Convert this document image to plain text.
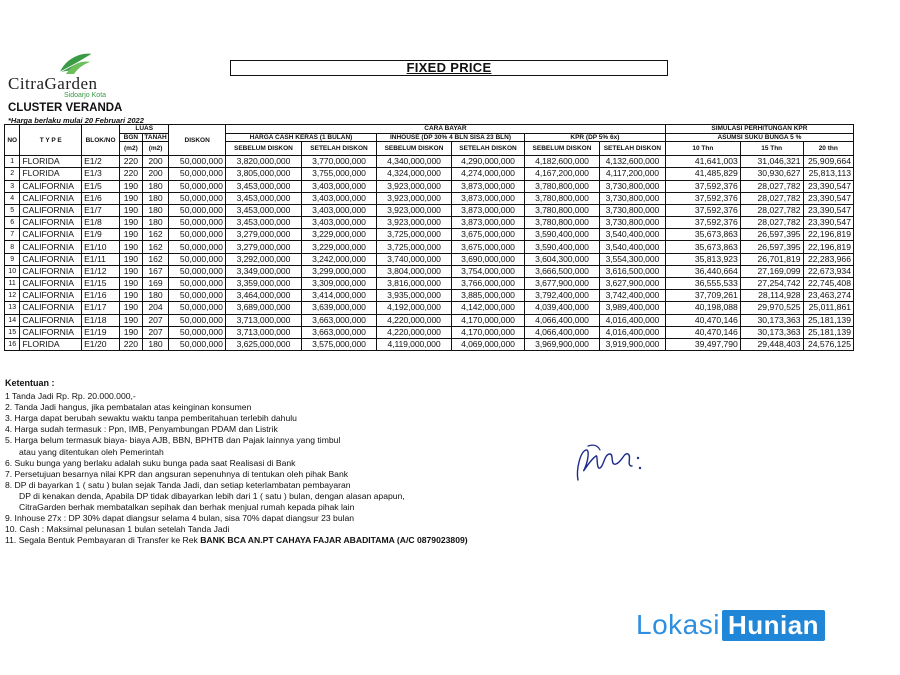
CitraGarden
Sidoarjo Kota
CLUSTER VERANDA
*Harga berlaku mulai 20 Februari 2022
FIXED PRICE
NO	T Y P E	BLOK/NO	LUAS		DISKON	CARA BAYAR						SIMULASI PERHITUNGAN KPR		
			BGN	TANAH		HARGA CASH KERAS (1 BULAN)		INHOUSE (DP 30% 4 BLN SISA 23 BLN)		KPR (DP 5% 6x)		ASUMSI SUKU BUNGA 5 %		
			(m2)	(m2)		SEBELUM DISKON	SETELAH DISKON	SEBELUM DISKON	SETELAH DISKON	SEBELUM DISKON	SETELAH DISKON	10 Thn	15 Thn	20 thn
1	FLORIDA	E1/2	220	200	50,000,000	3,820,000,000	3,770,000,000	4,340,000,000	4,290,000,000	4,182,600,000	4,132,600,000	41,641,003	31,046,321	25,909,664
2	FLORIDA	E1/3	220	200	50,000,000	3,805,000,000	3,755,000,000	4,324,000,000	4,274,000,000	4,167,200,000	4,117,200,000	41,485,829	30,930,627	25,813,113
3	CALIFORNIA	E1/5	190	180	50,000,000	3,453,000,000	3,403,000,000	3,923,000,000	3,873,000,000	3,780,800,000	3,730,800,000	37,592,376	28,027,782	23,390,547
4	CALIFORNIA	E1/6	190	180	50,000,000	3,453,000,000	3,403,000,000	3,923,000,000	3,873,000,000	3,780,800,000	3,730,800,000	37,592,376	28,027,782	23,390,547
5	CALIFORNIA	E1/7	190	180	50,000,000	3,453,000,000	3,403,000,000	3,923,000,000	3,873,000,000	3,780,800,000	3,730,800,000	37,592,376	28,027,782	23,390,547
6	CALIFORNIA	E1/8	190	180	50,000,000	3,453,000,000	3,403,000,000	3,923,000,000	3,873,000,000	3,780,800,000	3,730,800,000	37,592,376	28,027,782	23,390,547
7	CALIFORNIA	E1/9	190	162	50,000,000	3,279,000,000	3,229,000,000	3,725,000,000	3,675,000,000	3,590,400,000	3,540,400,000	35,673,863	26,597,395	22,196,819
8	CALIFORNIA	E1/10	190	162	50,000,000	3,279,000,000	3,229,000,000	3,725,000,000	3,675,000,000	3,590,400,000	3,540,400,000	35,673,863	26,597,395	22,196,819
9	CALIFORNIA	E1/11	190	162	50,000,000	3,292,000,000	3,242,000,000	3,740,000,000	3,690,000,000	3,604,300,000	3,554,300,000	35,813,923	26,701,819	22,283,966
10	CALIFORNIA	E1/12	190	167	50,000,000	3,349,000,000	3,299,000,000	3,804,000,000	3,754,000,000	3,666,500,000	3,616,500,000	36,440,664	27,169,099	22,673,934
11	CALIFORNIA	E1/15	190	169	50,000,000	3,359,000,000	3,309,000,000	3,816,000,000	3,766,000,000	3,677,900,000	3,627,900,000	36,555,533	27,254,742	22,745,408
12	CALIFORNIA	E1/16	190	180	50,000,000	3,464,000,000	3,414,000,000	3,935,000,000	3,885,000,000	3,792,400,000	3,742,400,000	37,709,261	28,114,928	23,463,274
13	CALIFORNIA	E1/17	190	204	50,000,000	3,689,000,000	3,639,000,000	4,192,000,000	4,142,000,000	4,039,400,000	3,989,400,000	40,198,088	29,970,525	25,011,861
14	CALIFORNIA	E1/18	190	207	50,000,000	3,713,000,000	3,663,000,000	4,220,000,000	4,170,000,000	4,066,400,000	4,016,400,000	40,470,146	30,173,363	25,181,139
15	CALIFORNIA	E1/19	190	207	50,000,000	3,713,000,000	3,663,000,000	4,220,000,000	4,170,000,000	4,066,400,000	4,016,400,000	40,470,146	30,173,363	25,181,139
16	FLORIDA	E1/20	220	180	50,000,000	3,625,000,000	3,575,000,000	4,119,000,000	4,069,000,000	3,969,900,000	3,919,900,000	39,497,790	29,448,403	24,576,125
Ketentuan :
1 Tanda Jadi Rp. Rp. 20.000.000,-
2. Tanda Jadi hangus, jika pembatalan atas keinginan konsumen
3. Harga dapat berubah sewaktu waktu tanpa pemberitahuan terlebih dahulu
4. Harga sudah termasuk : Ppn, IMB, Penyambungan PDAM dan Listrik
5. Harga belum termasuk biaya- biaya AJB, BBN, BPHTB dan Pajak lainnya yang timbul
atau yang ditentukan oleh Pemerintah
6. Suku bunga yang berlaku adalah suku bunga pada saat Realisasi di Bank
7. Persetujuan besarnya nilai KPR dan angsuran sepenuhnya di tentukan oleh pihak Bank
8. DP di bayarkan 1 ( satu ) bulan sejak Tanda Jadi, dan setiap keterlambatan pembayaran
DP di kenakan denda, Apabila DP tidak dibayarkan lebih dari 1 ( satu ) bulan, dengan alasan apapun,
CitraGarden berhak membatalkan sepihak dan berhak menjual rumah kepada pihak lain
9. Inhouse 27x : DP 30% dapat diangsur selama 4 bulan, sisa 70% dapat diangsur 23 bulan
10. Cash : Maksimal pelunasan 1 bulan setelah Tanda Jadi
11. Segala Bentuk Pembayaran di Transfer ke Rek BANK BCA AN.PT CAHAYA FAJAR ABADITAMA (A/C 0879023809)
Lokasi Hunian
